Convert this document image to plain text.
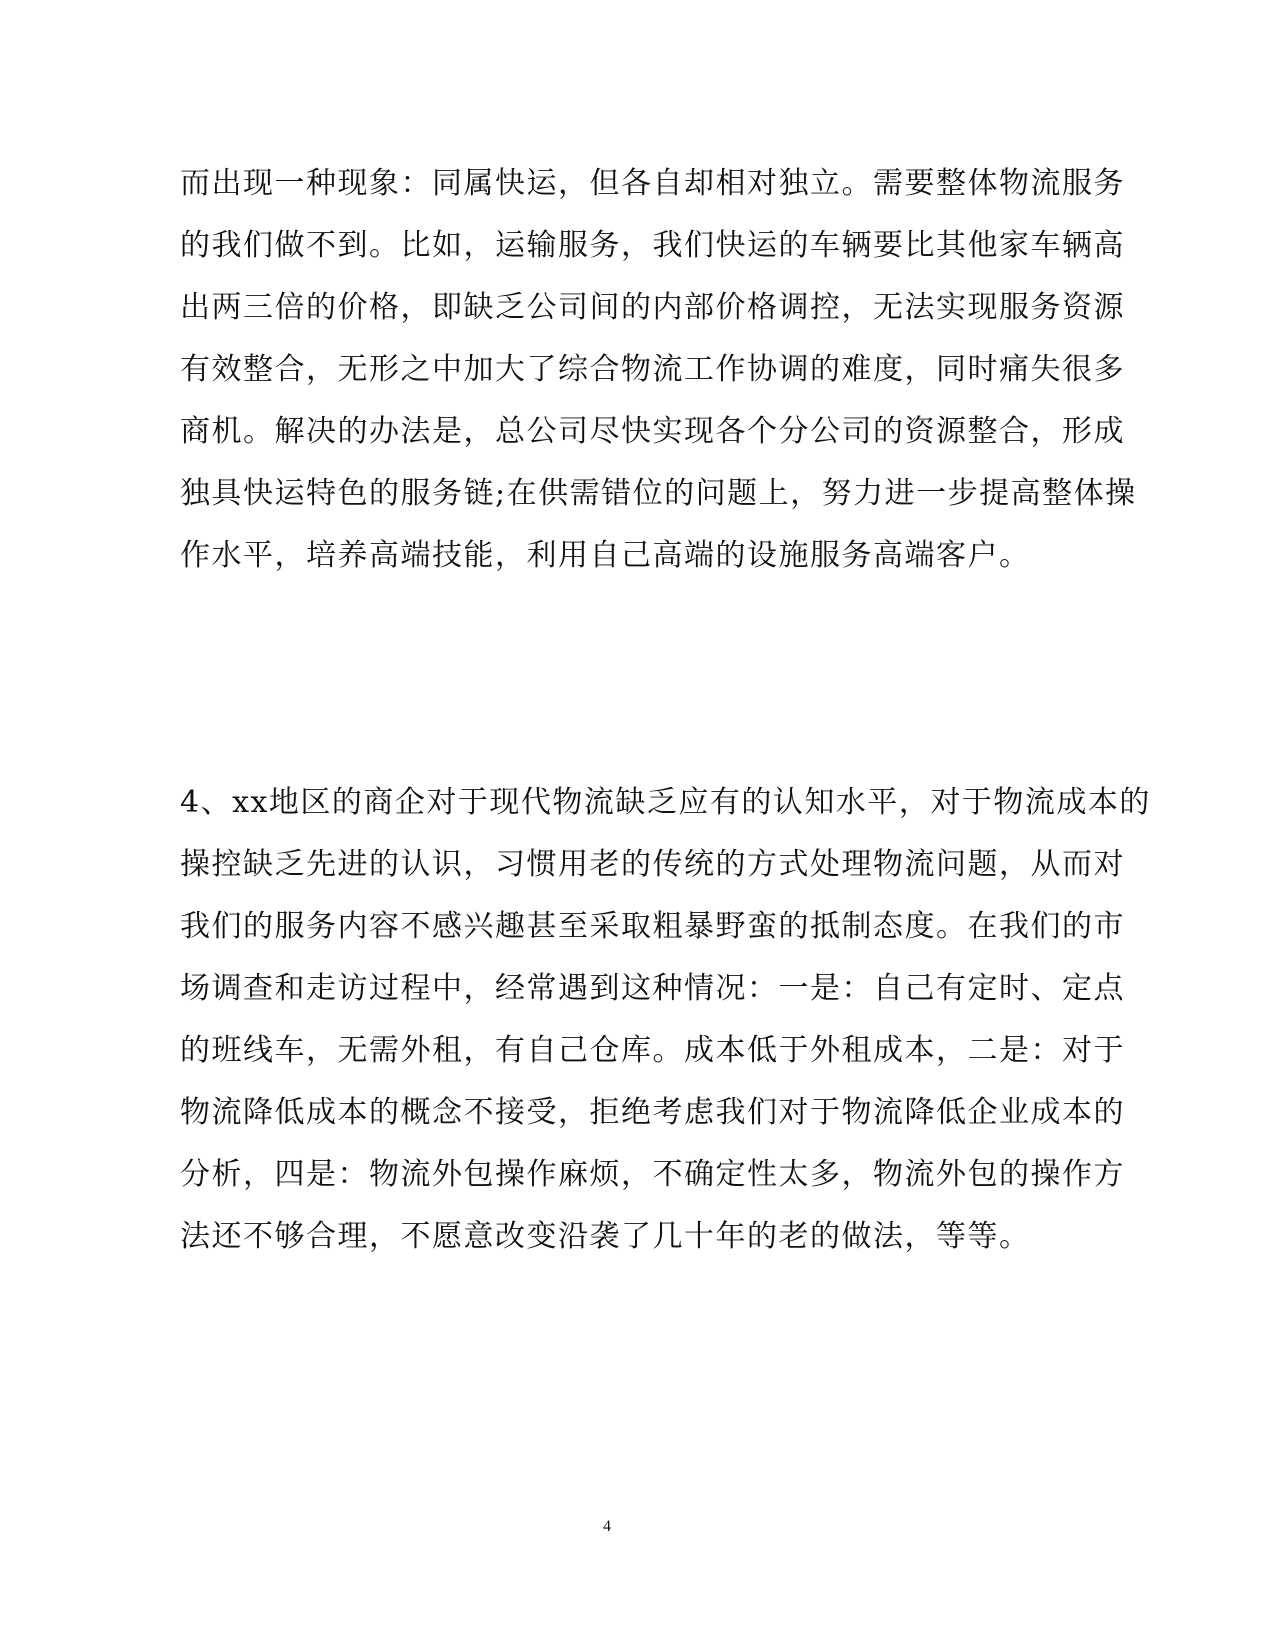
而出现一种现象：同属快运，但各自却相对独立。需要整体物流服务
的我们做不到。比如，运输服务，我们快运的车辆要比其他家车辆高
出两三倍的价格，即缺乏公司间的内部价格调控，无法实现服务资源
有效整合，无形之中加大了综合物流工作协调的难度，同时痛失很多
商机。解决的办法是，总公司尽快实现各个分公司的资源整合，形成
独具快运特色的服务链;在供需错位的问题上，努力进一步提高整体操
作水平，培养高端技能，利用自己高端的设施服务高端客户。
4、xx地区的商企对于现代物流缺乏应有的认知水平，对于物流成本的
操控缺乏先进的认识，习惯用老的传统的方式处理物流问题，从而对
我们的服务内容不感兴趣甚至采取粗暴野蛮的抵制态度。在我们的市
场调查和走访过程中，经常遇到这种情况：一是：自己有定时、定点
的班线车，无需外租，有自己仓库。成本低于外租成本，二是：对于
物流降低成本的概念不接受，拒绝考虑我们对于物流降低企业成本的
分析，四是：物流外包操作麻烦，不确定性太多，物流外包的操作方
法还不够合理，不愿意改变沿袭了几十年的老的做法，等等。
4
